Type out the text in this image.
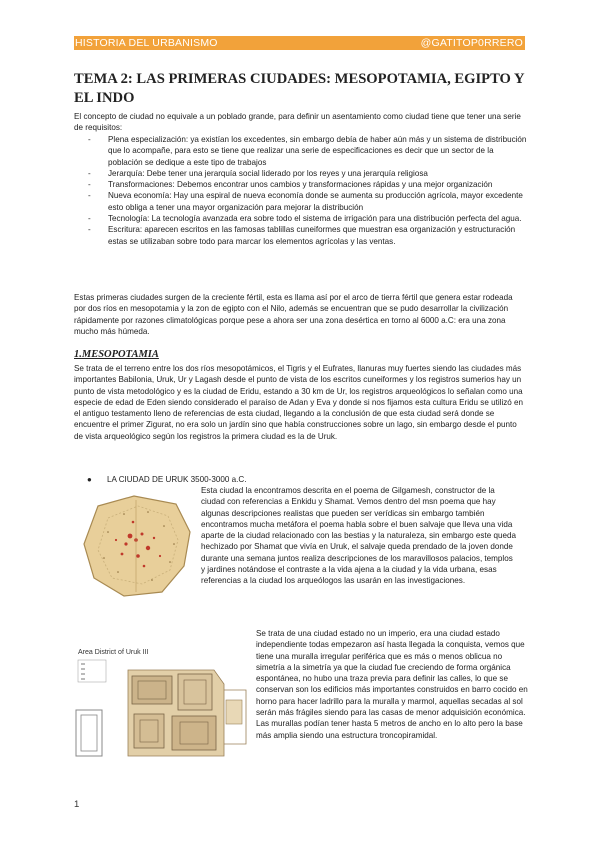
HISTORIA DEL URBANISMO	@GATITOP0RRERO
TEMA 2: LAS PRIMERAS CIUDADES: MESOPOTAMIA, EGIPTO Y EL INDO
El concepto de ciudad no equivale a un poblado grande, para definir un asentamiento como ciudad tiene que tener una serie de requisitos:
- Plena especialización: ya existían los excedentes, sin embargo debía de haber aún más y un sistema de distribución que lo acompañe, para esto se tiene que realizar una serie de especificaciones es decir que un sector de la población se dedique a este tipo de trabajos
- Jerarquía: Debe tener una jerarquía social liderado por los reyes y una jerarquía religiosa
- Transformaciones: Debemos encontrar unos cambios y transformaciones rápidas y una mejor organización
- Nueva economía: Hay una espiral de nueva economía donde se aumenta su producción agrícola, mayor excedente esto obliga a tener una mayor organización para mejorar la distribución
- Tecnología: La tecnología avanzada era sobre todo el sistema de irrigación para una distribución perfecta del agua.
- Escritura: aparecen escritos en las famosas tablillas cuneiformes que muestran esa organización y estructuración estas se utilizaban sobre todo para marcar los elementos agrícolas y las ventas.
Estas primeras ciudades surgen de la creciente fértil, esta es llama así por el arco de tierra fértil que genera estar rodeada por dos ríos en mesopotamia y la zon de egipto con el Nilo, además se encuentran que se pudo desarrollar la civilización rápidamente por razones climatológicas porque pese a ahora ser una zona desértica en torno al 6000 a.C: era una zona mucho más húmeda.
1.MESOPOTAMIA
Se trata de el terreno entre los dos ríos mesopotámicos, el Tigris y el Eufrates, llanuras muy fuertes siendo las ciudades más importantes Babilonia, Uruk, Ur y Lagash desde el punto de vista de los escritos cuneiformes y los registros sumerios hay un punto de vista metodológico y es la ciudad de Eridu, estando a 30 km de Ur, los registros arqueológicos lo señalan como una especie de edad de Eden siendo considerado el paraíso de Adan y Eva y donde si nos fijamos esta cultura Eridu se utilizó en el antiguo testamento lleno de referencias de esta ciudad, llegando a la conclusión de que esta ciudad será donde se encuentre el primer Zigurat, no era solo un jardín sino que había construcciones sobre un lago, sin embargo desde el punto de vista arqueológico según los registros la primera ciudad es la de Uruk.
● LA CIUDAD DE URUK 3500-3000 a.C.
Esta ciudad la encontramos descrita en el poema de Gilgamesh, constructor de la ciudad con referencias a Enkidu y Shamat. Vemos dentro del msn poema que hay algunas descripciones realistas que pueden ser verídicas sin embargo también encontramos mucha metáfora el poema habla sobre el buen salvaje que lleva una vida aparte de la ciudad relacionado con las bestias y la naturaleza, sin embargo este queda hechizado por Shamat que vivía en Uruk, el salvaje queda prendado de la joven donde durante una semana juntos realiza descripciones de los maravillosos palacios, templos y jardines notándose el contraste a la vida ajena a la ciudad y la vida urbana, esas referencias a la ciudad los arqueólogos las usarán en las investigaciones.
Area District of Uruk III
Se trata de una ciudad estado no un imperio, era una ciudad estado independiente todas empezaron así hasta llegada la conquista, vemos que tiene una muralla irregular periférica que es más o menos oblicua no simetría a la simetría ya que la ciudad fue creciendo de forma orgánica espontánea, no hubo una traza previa para definir las calles, lo que se conservan son los edificios más importantes construidos en barro cocido en horno para hacer ladrillo para la muralla y marmol, aquellas secadas al sol serán más frágiles siendo para las casas de menor adquisición económica. Las murallas podían tener hasta 5 metros de ancho en lo alto pero la base más amplia siendo una estructura troncopiramidal.
1
